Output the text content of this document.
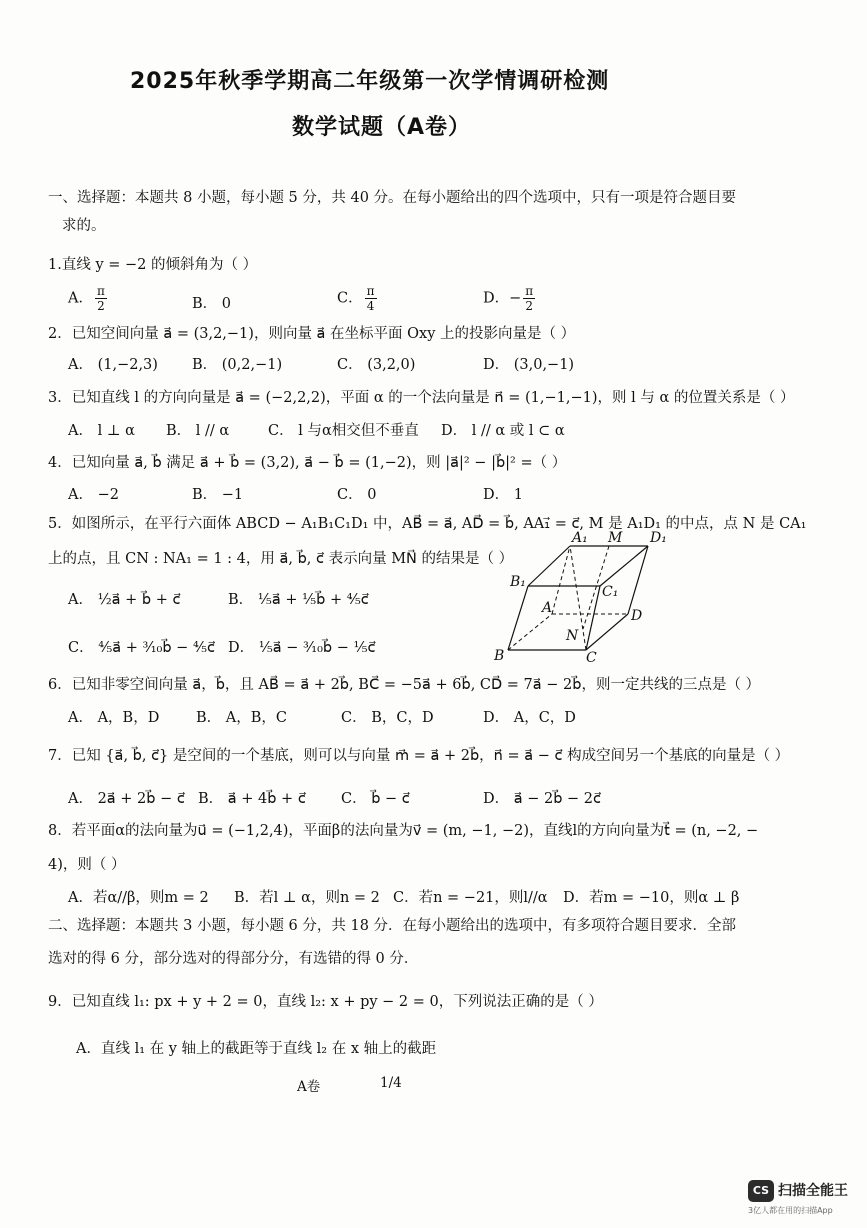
2025年秋季学期高二年级第一次学情调研检测
数学试题（A卷）
一、选择题：本题共 8 小题，每小题 5 分，共 40 分。在每小题给出的四个选项中，只有一项是符合题目要
求的。
1.直线 y = −2 的倾斜角为（ ）
A． $\frac{\pi}{2}$	B． 0	C． $\frac{\pi}{4}$	D．− $\frac{\pi}{2}$
2．已知空间向量 a⃗ = (3,2,−1)，则向量 a⃗ 在坐标平面 Oxy 上的投影向量是（ ）
A． (1,−2,3) B． (0,2,−1)	C． (3,2,0)	D． (3,0,−1)
3．已知直线 l 的方向向量是 a⃗ = (−2,2,2)，平面 α 的一个法向量是 n⃗ = (1,−1,−1)，则 l 与 α 的位置关系是（ ）
A． l ⊥ α B． l // α	C． l 与α相交但不垂直 D． l // α 或 l ⊂ α
4．已知向量 a⃗, b⃗ 满足 a⃗ + b⃗ = (3,2), a⃗ − b⃗ = (1,−2)，则 |a⃗|² − |b⃗|² =（ ）
A． −2	B． −1	C． 0	D． 1
5．如图所示，在平行六面体 ABCD − A₁B₁C₁D₁ 中，AB⃗ = a⃗, AD⃗ = b⃗, AA₁⃗ = c⃗, M 是 A₁D₁ 的中点，点 N 是 CA₁
上的点，且 CN : NA₁ = 1 : 4，用 a⃗, b⃗, c⃗ 表示向量 MN⃗ 的结果是（ ）
A． ½a⃗ + b⃗ + c⃗	B． ⅕a⃗ + ⅕b⃗ + ⅘c⃗
C． ⅘a⃗ + ³⁄₁₀b⃗ − ⅘c⃗ D． ⅕a⃗ − ³⁄₁₀b⃗ − ⅕c⃗
A₁ M D₁
B₁
C₁
A	D
N
B	C
6．已知非零空间向量 a⃗，b⃗，且 AB⃗ = a⃗ + 2b⃗, BC⃗ = −5a⃗ + 6b⃗, CD⃗ = 7a⃗ − 2b⃗，则一定共线的三点是（ ）
A． A，B，D	B． A，B，C	C． B，C，D	D． A，C，D
7．已知 {a⃗, b⃗, c⃗} 是空间的一个基底，则可以与向量 m⃗ = a⃗ + 2b⃗，n⃗ = a⃗ − c⃗ 构成空间另一个基底的向量是（ ）
A． 2a⃗ + 2b⃗ − c⃗ B． a⃗ + 4b⃗ + c⃗ C． b⃗ − c⃗	D． a⃗ − 2b⃗ − 2c⃗
8．若平面α的法向量为u⃗ = (−1,2,4)，平面β的法向量为v⃗ = (m, −1, −2)，直线l的方向向量为t⃗ = (n, −2, −
4)，则（ ）
A．若α//β，则m = 2 B．若l ⊥ α，则n = 2 C．若n = −21，则l//α D．若m = −10，则α ⊥ β
二、选择题：本题共 3 小题，每小题 6 分，共 18 分．在每小题给出的选项中，有多项符合题目要求．全部
选对的得 6 分，部分选对的得部分分，有选错的得 0 分．
9．已知直线 l₁: px + y + 2 = 0，直线 l₂: x + py − 2 = 0，下列说法正确的是（ ）
A．直线 l₁ 在 y 轴上的截距等于直线 l₂ 在 x 轴上的截距
A卷	1/4
CS 扫描全能王
3亿人都在用的扫描App
